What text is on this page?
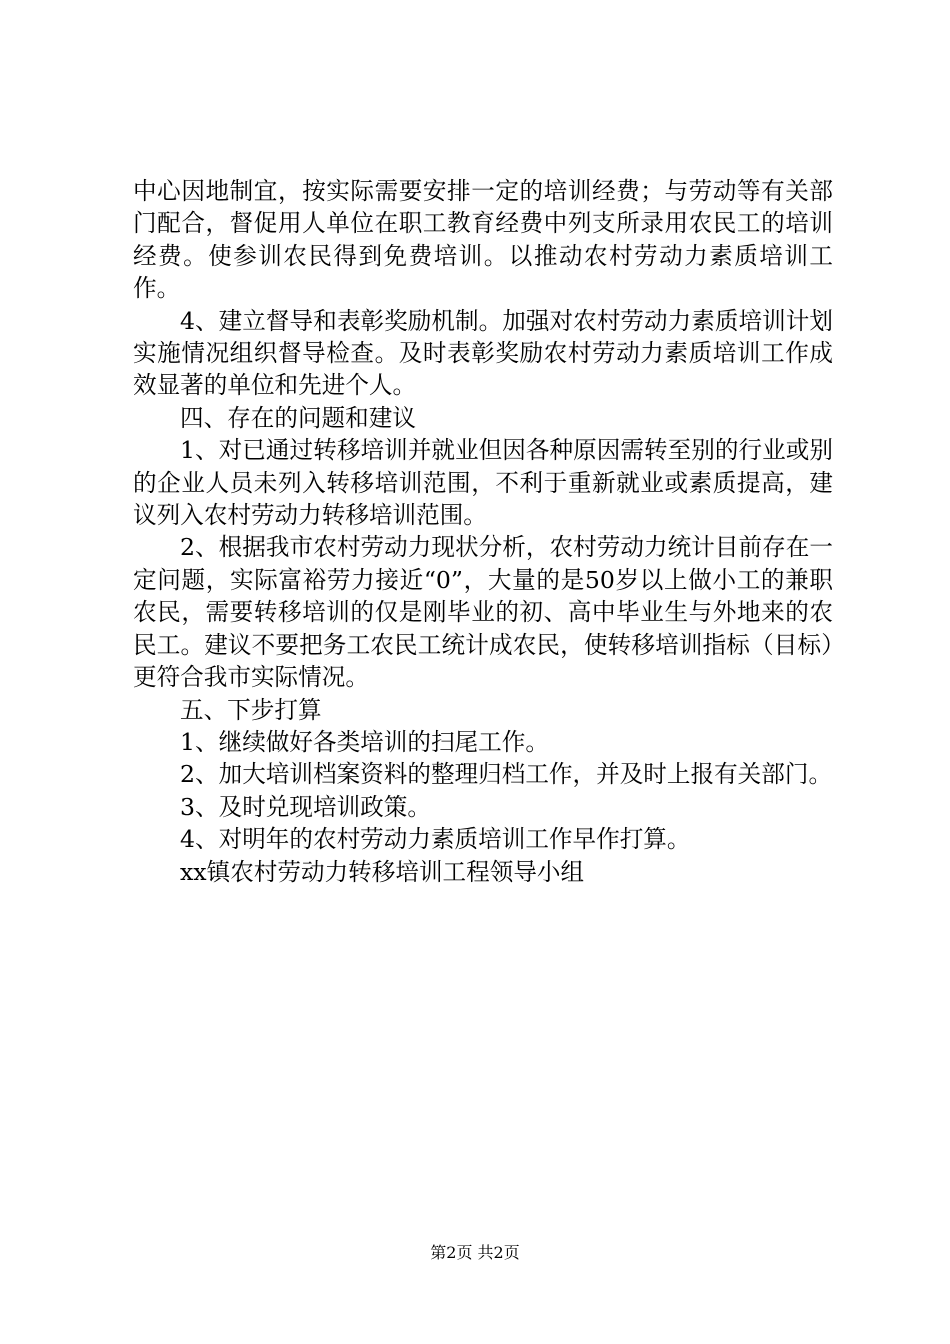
中心因地制宜，按实际需要安排一定的培训经费；与劳动等有关部门配合，督促用人单位在职工教育经费中列支所录用农民工的培训经费。使参训农民得到免费培训。以推动农村劳动力素质培训工作。

4、建立督导和表彰奖励机制。加强对农村劳动力素质培训计划实施情况组织督导检查。及时表彰奖励农村劳动力素质培训工作成效显著的单位和先进个人。

四、存在的问题和建议

1、对已通过转移培训并就业但因各种原因需转至别的行业或别的企业人员未列入转移培训范围，不利于重新就业或素质提高，建议列入农村劳动力转移培训范围。

2、根据我市农村劳动力现状分析，农村劳动力统计目前存在一定问题，实际富裕劳力接近“0”，大量的是50岁以上做小工的兼职农民，需要转移培训的仅是刚毕业的初、高中毕业生与外地来的农民工。建议不要把务工农民工统计成农民，使转移培训指标（目标）更符合我市实际情况。

五、下步打算

1、继续做好各类培训的扫尾工作。

2、加大培训档案资料的整理归档工作，并及时上报有关部门。

3、及时兑现培训政策。

4、对明年的农村劳动力素质培训工作早作打算。

xx镇农村劳动力转移培训工程领导小组

第2页 共2页
